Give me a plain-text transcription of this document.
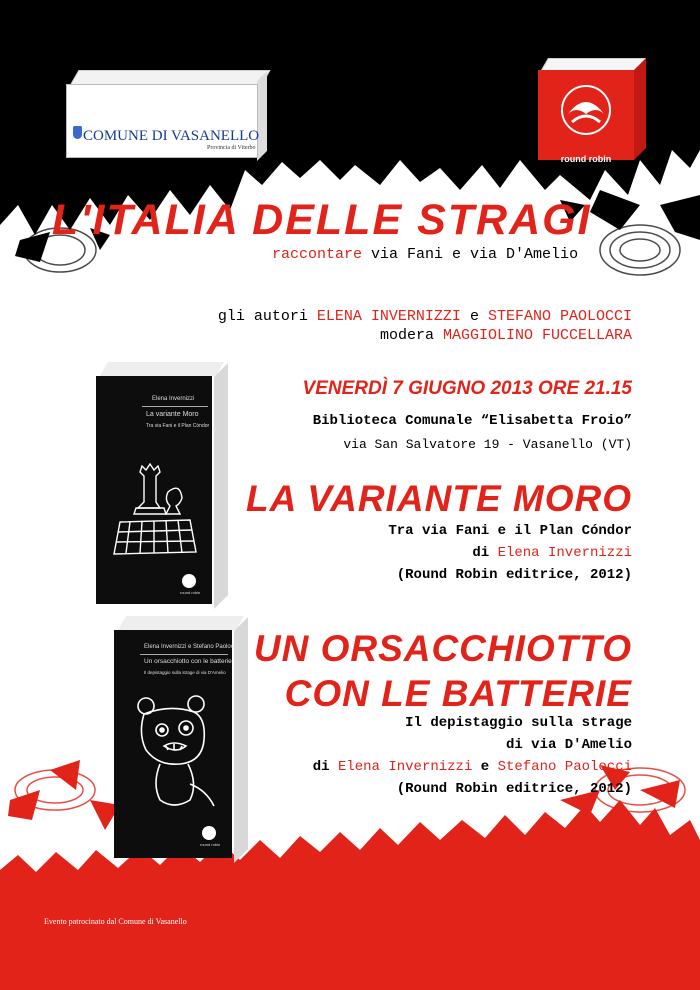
COMUNE DI VASANELLO
Provincia di Viterbo
round robin
L'ITALIA DELLE STRAGI
raccontare via Fani e via D'Amelio
gli autori ELENA INVERNIZZI e STEFANO PAOLOCCI
modera MAGGIOLINO FUCCELLARA
VENERDÌ 7 GIUGNO 2013 ORE 21.15
Biblioteca Comunale “Elisabetta Froio”
via San Salvatore 19 - Vasanello (VT)
Elena Invernizzi
La variante Moro
Tra via Fani e il Plan Cóndor
round robin
LA VARIANTE MORO
Tra via Fani e il Plan Cóndor
di Elena Invernizzi
(Round Robin editrice, 2012)
Elena Invernizzi e Stefano Paolocci
Un orsacchiotto con le batterie
Il depistaggio sulla strage di via D'Amelio
round robin
UN ORSACCHIOTTO
CON LE BATTERIE
Il depistaggio sulla strage
di via D'Amelio
di Elena Invernizzi e Stefano Paolocci
(Round Robin editrice, 2012)
Evento patrocinato dal Comune di Vasanello
